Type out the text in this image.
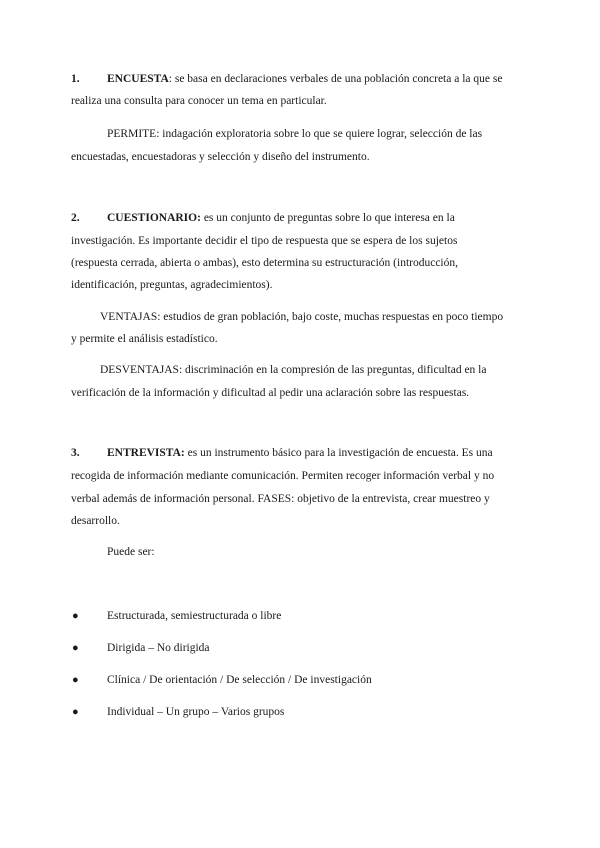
1. ENCUESTA: se basa en declaraciones verbales de una población concreta a la que se
realiza una consulta para conocer un tema en particular.
PERMITE: indagación exploratoria sobre lo que se quiere lograr, selección de las
encuestadas, encuestadoras y selección y diseño del instrumento.
2. CUESTIONARIO: es un conjunto de preguntas sobre lo que interesa en la
investigación. Es importante decidir el tipo de respuesta que se espera de los sujetos
(respuesta cerrada, abierta o ambas), esto determina su estructuración (introducción,
identificación, preguntas, agradecimientos).
VENTAJAS: estudios de gran población, bajo coste, muchas respuestas en poco tiempo
y permite el análisis estadístico.
DESVENTAJAS: discriminación en la compresión de las preguntas, dificultad en la
verificación de la información y dificultad al pedir una aclaración sobre las respuestas.
3. ENTREVISTA: es un instrumento básico para la investigación de encuesta. Es una
recogida de información mediante comunicación. Permiten recoger información verbal y no
verbal además de información personal. FASES: objetivo de la entrevista, crear muestreo y
desarrollo.
Puede ser:
● Estructurada, semiestructurada o libre
● Dirigida – No dirigida
● Clínica / De orientación / De selección / De investigación
● Individual – Un grupo – Varios grupos
